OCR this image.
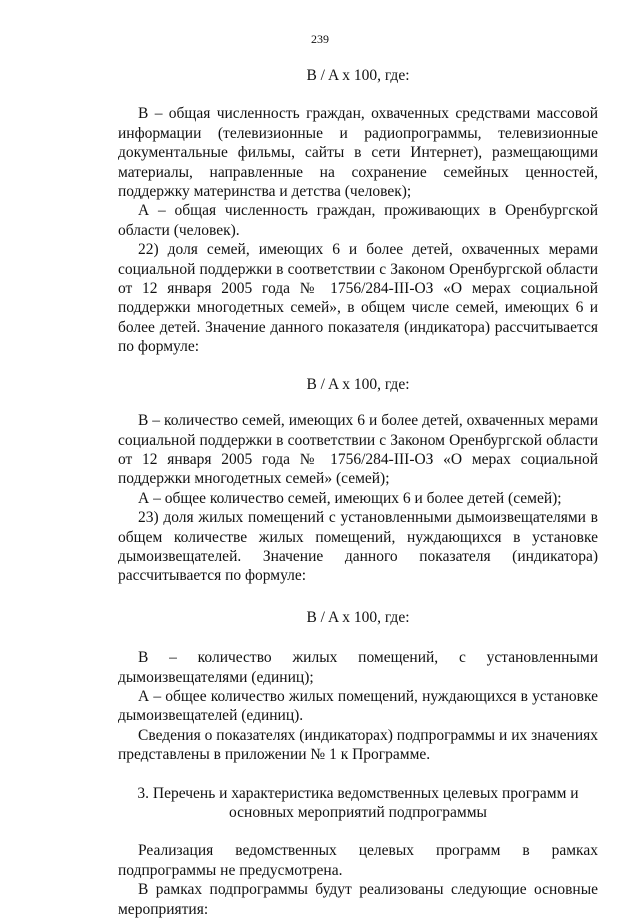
239

B / A x 100, где:

В – общая численность граждан, охваченных средствами массовой информации (телевизионные и радиопрограммы, телевизионные документальные фильмы, сайты в сети Интернет), размещающими материалы, направленные на сохранение семейных ценностей, поддержку материнства и детства (человек);

А – общая численность граждан, проживающих в Оренбургской области (человек).

22) доля семей, имеющих 6 и более детей, охваченных мерами социальной поддержки в соответствии с Законом Оренбургской области от 12 января 2005 года № 1756/284-III-ОЗ «О мерах социальной поддержки многодетных семей», в общем числе семей, имеющих 6 и более детей. Значение данного показателя (индикатора) рассчитывается по формуле:

B / A x 100, где:

В – количество семей, имеющих 6 и более детей, охваченных мерами социальной поддержки в соответствии с Законом Оренбургской области от 12 января 2005 года № 1756/284-III-ОЗ «О мерах социальной поддержки многодетных семей» (семей);

А – общее количество семей, имеющих 6 и более детей (семей);

23) доля жилых помещений с установленными дымоизвещателями в общем количестве жилых помещений, нуждающихся в установке дымоизвещателей. Значение данного показателя (индикатора) рассчитывается по формуле:

B / A x 100, где:

В – количество жилых помещений, с установленными дымоизвещателями (единиц);

А – общее количество жилых помещений, нуждающихся в установке дымоизвещателей (единиц).

Сведения о показателях (индикаторах) подпрограммы и их значениях представлены в приложении № 1 к Программе.

3. Перечень и характеристика ведомственных целевых программ и
основных мероприятий подпрограммы

Реализация ведомственных целевых программ в рамках подпрограммы не предусмотрена.

В рамках подпрограммы будут реализованы следующие основные мероприятия:
